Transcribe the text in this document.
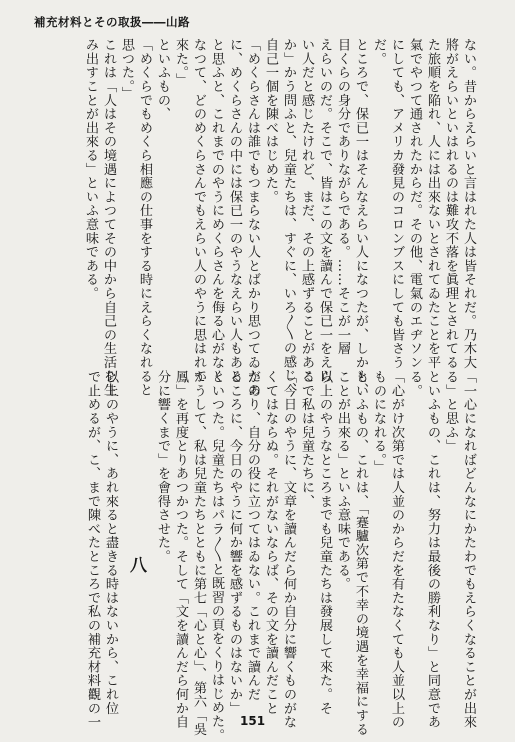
補充材料とその取扱――山路

ない。昔からえらいと言はれた人は皆それだ。乃木大

將がえらいといはれるのは難攻不落を眞理とされてる

た旅順を陥れ、人には出來ないとされてゐたことを平

氣でやつて通されたからだ。その他、電氣のエヂソン

にしても、アメリカ發見のコロンブスにしても皆さう

だ。

ところで、保已一はそんなえらい人になつたが、しかも、

目くらの身分でありながらである。……そこが一層

えらいのだ。そこで、皆はこの文を讀んで保已一をえら

い人だと感じたけれど、まだ、その上感ずることがある

か」かう問ふと、兒童たちは、すぐに、いろ〳〵の感じ、

自己一個を陳べはじめた。

「めくらさんは誰でもつまらない人とばかり思つてゐたの

に、めくらさんの中には保已一のやうなえらい人もある

と思ふと、これまでのやうにめくらさんを侮る心がなく

なつて、どのめくらさんでもえらい人のやうに思はれて

來た。」

といふもの、

「めくらでもめくら相應の仕事をする時にえらくなれると

思つた。」

これは「人はその境遇によつてその中から自己の生活を生

み出すことが出來る」といふ意味である。

「一心になればどんなにかたわでもえらくなることが出來

る」と思ふ」

といふもの、これは、努力は最後の勝利なり」と同意であ

る。

「心がけ次第では人並のからだを有たなくても人並以上の

ものになれる。」

といふもの、これは、「蹇驢次第で不幸の境遇を幸福にする

ことが出來る」といふ意味である。

以上のやうなところまでも兒童たちは發展して來た。そ

こで私は兒童たちに、

「今日のやうに、文章を讀んだら何か自分に響くものがな

くてはならぬ。それがないならば、その文を讀んだこと

があり、自分の役に立つてはゐない。これまで讀んだ

ところに、今日のやうに何か響を感ずるものはないか」

といつた。兒童たちはパラ〳〵と既習の頁をくりはじめた。

かうして、私は兒童たちとともに第七「心と心」、第六「吳

鳳」を再度とりあつかつた。そして「文を讀んだら何か自

分に響くまで」を會得させた。

八

以上のやうに、あれ來ると盡きる時はないから、これ位

で止めるが、こ、まで陳べたところで私の補充材料觀の一	151
